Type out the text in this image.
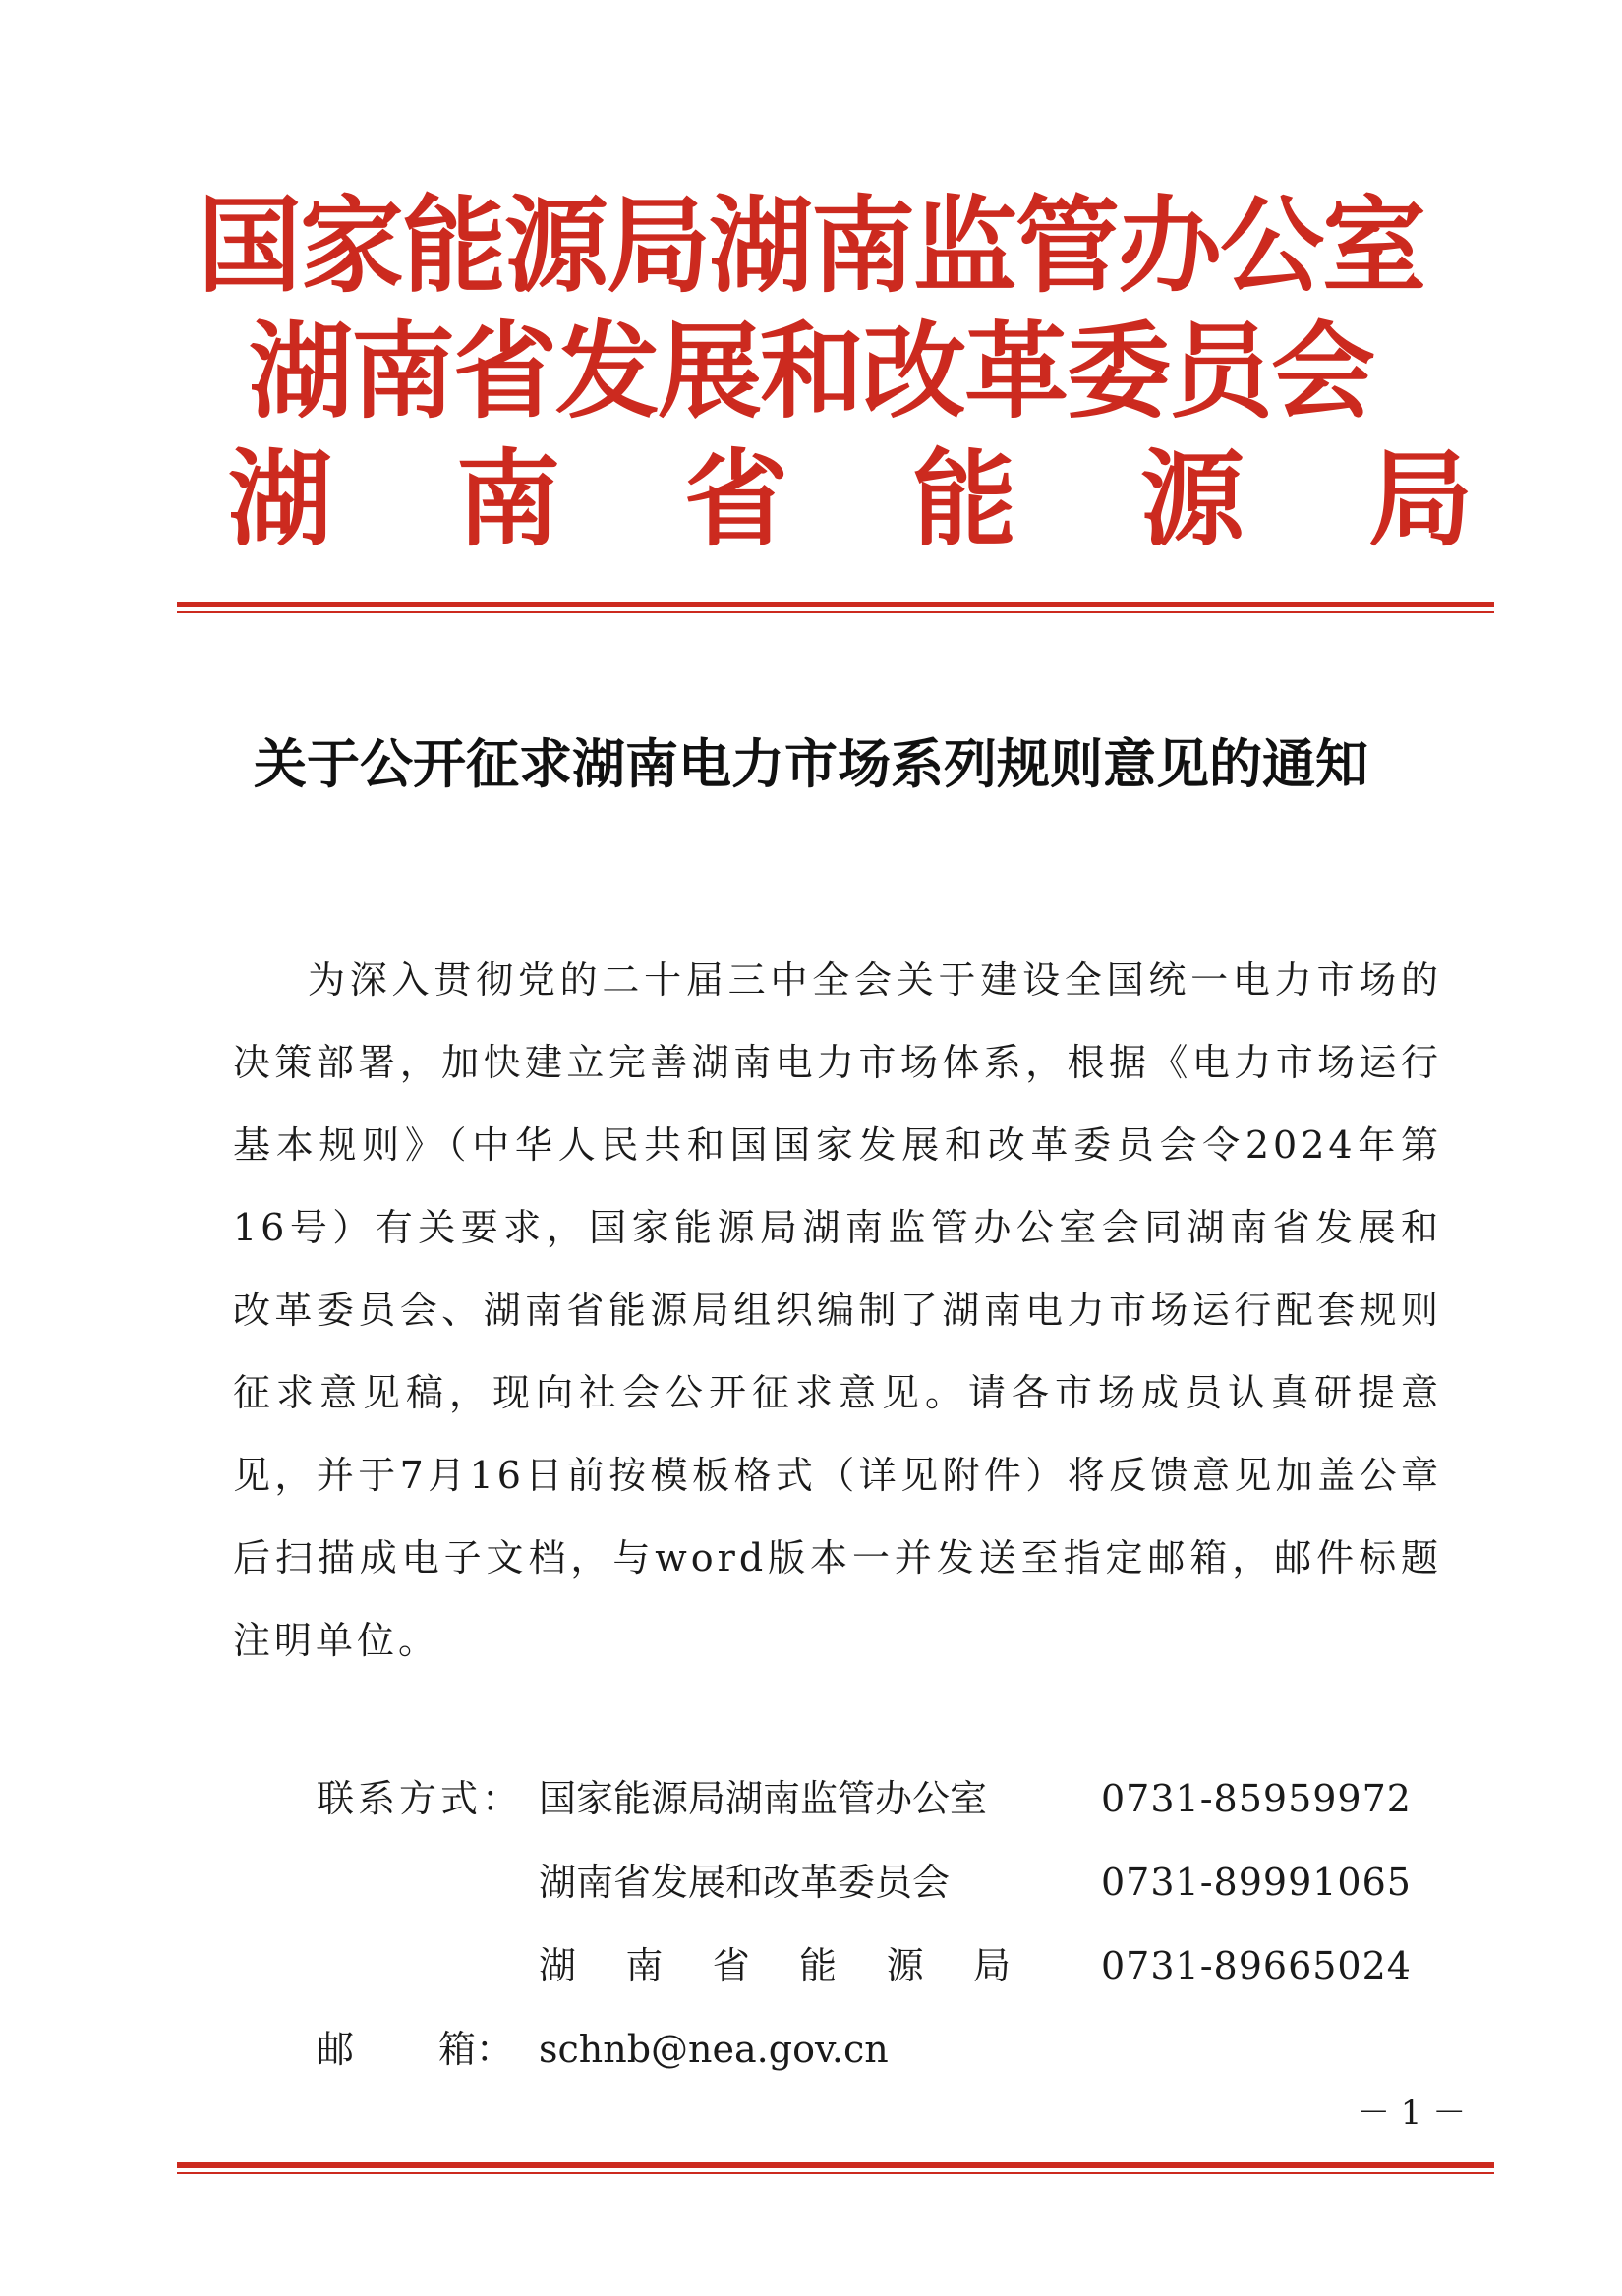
国家能源局湖南监管办公室
湖南省发展和改革委员会
湖 南 省 能 源 局
关于公开征求湖南电力市场系列规则意见的通知
为深入贯彻党的二十届三中全会关于建设全国统一电力市场的决策部署，加快建立完善湖南电力市场体系，根据《电力市场运行基本规则》（中华人民共和国国家发展和改革委员会令2024年第16号）有关要求，国家能源局湖南监管办公室会同湖南省发展和改革委员会、湖南省能源局组织编制了湖南电力市场运行配套规则征求意见稿，现向社会公开征求意见。请各市场成员认真研提意见，并于7月16日前按模板格式（详见附件）将反馈意见加盖公章后扫描成电子文档，与word版本一并发送至指定邮箱，邮件标题注明单位。
联系方式： 国家能源局湖南监管办公室	0731-85959972
湖南省发展和改革委员会	0731-89991065
湖 南 省 能 源 局 0731-89665024
邮 箱： schnb@nea.gov.cn
－ 1 －
